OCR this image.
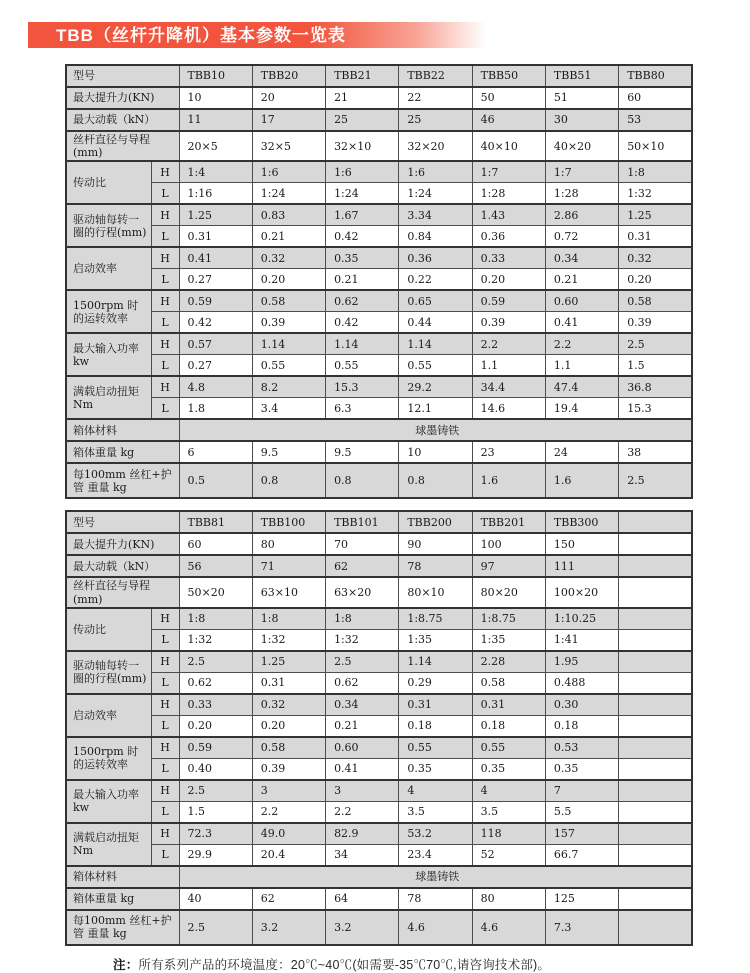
TBB（丝杆升降机）基本参数一览表
型号		TBB10	TBB20	TBB21	TBB22	TBB50	TBB51	TBB80
最大提升力(KN)		10	20	21	22	50	51	60
最大动载（kN）		11	17	25	25	46	30	53
丝杆直径与导程(mm)		20×5	32×5	32×10	32×20	40×10	40×20	50×10
传动比	H	1:4	1:6	1:6	1:6	1:7	1:7	1:8
	L	1:16	1:24	1:24	1:24	1:28	1:28	1:32
驱动轴每转一圈的行程(mm)	H	1.25	0.83	1.67	3.34	1.43	2.86	1.25
	L	0.31	0.21	0.42	0.84	0.36	0.72	0.31
启动效率	H	0.41	0.32	0.35	0.36	0.33	0.34	0.32
	L	0.27	0.20	0.21	0.22	0.20	0.21	0.20
1500rpm 时的运转效率	H	0.59	0.58	0.62	0.65	0.59	0.60	0.58
	L	0.42	0.39	0.42	0.44	0.39	0.41	0.39
最大输入功率 kw	H	0.57	1.14	1.14	1.14	2.2	2.2	2.5
	L	0.27	0.55	0.55	0.55	1.1	1.1	1.5
满载启动扭矩 Nm	H	4.8	8.2	15.3	29.2	34.4	47.4	36.8
	L	1.8	3.4	6.3	12.1	14.6	19.4	15.3
箱体材料		球墨铸铁						
箱体重量 kg		6	9.5	9.5	10	23	24	38
每100mm 丝杠+护管 重量 kg		0.5	0.8	0.8	0.8	1.6	1.6	2.5
型号		TBB81	TBB100	TBB101	TBB200	TBB201	TBB300	
最大提升力(KN)		60	80	70	90	100	150	
最大动载（kN）		56	71	62	78	97	111	
丝杆直径与导程(mm)		50×20	63×10	63×20	80×10	80×20	100×20	
传动比	H	1:8	1:8	1:8	1:8.75	1:8.75	1:10.25	
	L	1:32	1:32	1:32	1:35	1:35	1:41	
驱动轴每转一圈的行程(mm)	H	2.5	1.25	2.5	1.14	2.28	1.95	
	L	0.62	0.31	0.62	0.29	0.58	0.488	
启动效率	H	0.33	0.32	0.34	0.31	0.31	0.30	
	L	0.20	0.20	0.21	0.18	0.18	0.18	
1500rpm 时的运转效率	H	0.59	0.58	0.60	0.55	0.55	0.53	
	L	0.40	0.39	0.41	0.35	0.35	0.35	
最大输入功率 kw	H	2.5	3	3	4	4	7	
	L	1.5	2.2	2.2	3.5	3.5	5.5	
满载启动扭矩 Nm	H	72.3	49.0	82.9	53.2	118	157	
	L	29.9	20.4	34	23.4	52	66.7	
箱体材料		球墨铸铁						
箱体重量 kg		40	62	64	78	80	125	
每100mm 丝杠+护管 重量 kg		2.5	3.2	3.2	4.6	4.6	7.3	
注：所有系列产品的环境温度：20℃~40℃(如需要-35℃70℃,请咨询技术部)。
